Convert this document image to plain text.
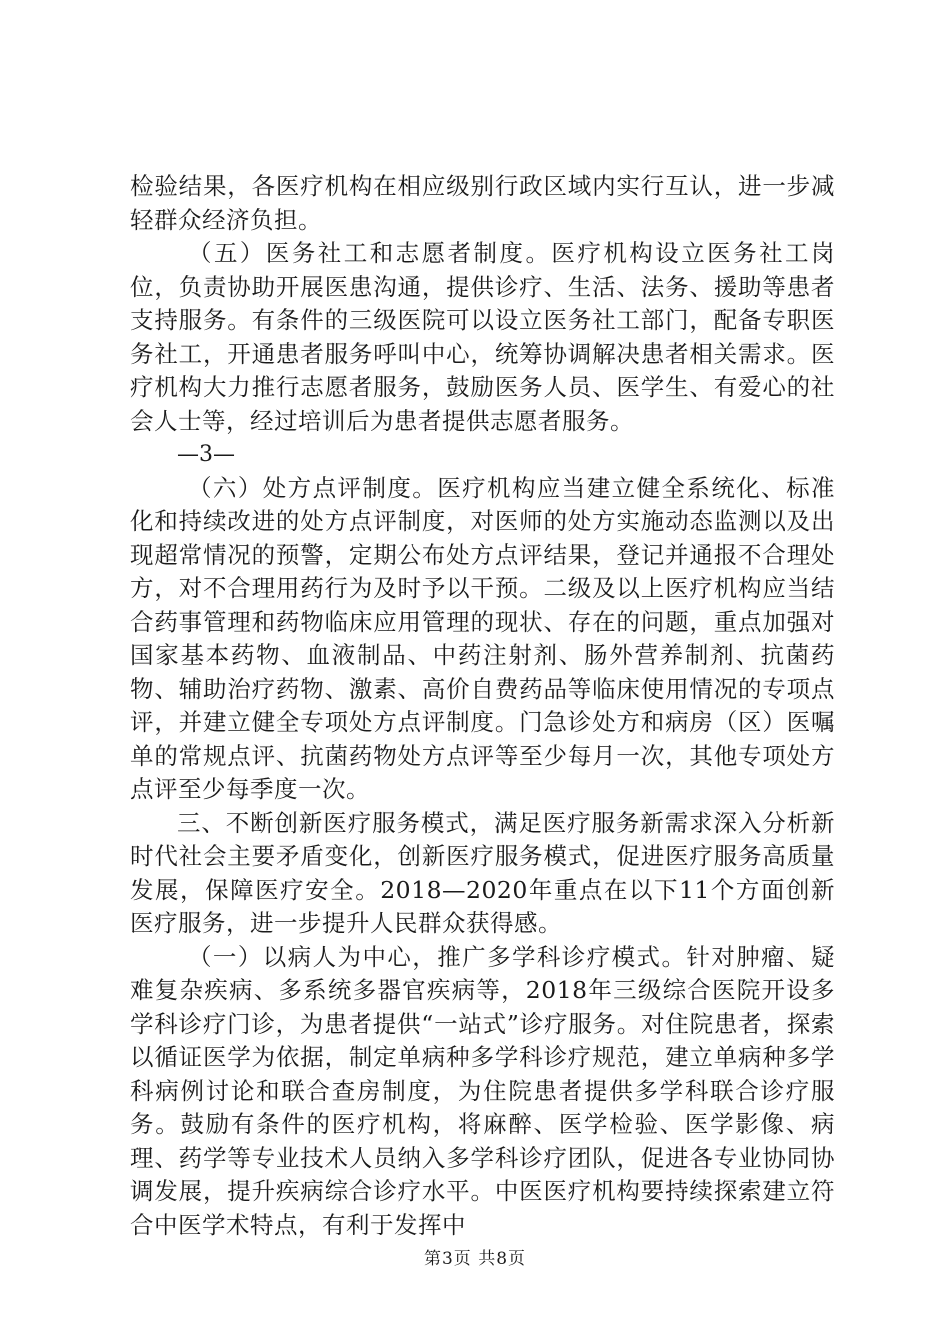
检验结果，各医疗机构在相应级别行政区域内实行互认，进一步减轻群众经济负担。

（五）医务社工和志愿者制度。医疗机构设立医务社工岗位，负责协助开展医患沟通，提供诊疗、生活、法务、援助等患者支持服务。有条件的三级医院可以设立医务社工部门，配备专职医务社工，开通患者服务呼叫中心，统筹协调解决患者相关需求。医疗机构大力推行志愿者服务，鼓励医务人员、医学生、有爱心的社会人士等，经过培训后为患者提供志愿者服务。

—3—

（六）处方点评制度。医疗机构应当建立健全系统化、标准化和持续改进的处方点评制度，对医师的处方实施动态监测以及出现超常情况的预警，定期公布处方点评结果，登记并通报不合理处方，对不合理用药行为及时予以干预。二级及以上医疗机构应当结合药事管理和药物临床应用管理的现状、存在的问题，重点加强对国家基本药物、血液制品、中药注射剂、肠外营养制剂、抗菌药物、辅助治疗药物、激素、高价自费药品等临床使用情况的专项点评，并建立健全专项处方点评制度。门急诊处方和病房（区）医嘱单的常规点评、抗菌药物处方点评等至少每月一次，其他专项处方点评至少每季度一次。

三、不断创新医疗服务模式，满足医疗服务新需求深入分析新时代社会主要矛盾变化，创新医疗服务模式，促进医疗服务高质量发展，保障医疗安全。2018—2020年重点在以下11个方面创新医疗服务，进一步提升人民群众获得感。

（一）以病人为中心，推广多学科诊疗模式。针对肿瘤、疑难复杂疾病、多系统多器官疾病等，2018年三级综合医院开设多学科诊疗门诊，为患者提供“一站式”诊疗服务。对住院患者，探索以循证医学为依据，制定单病种多学科诊疗规范，建立单病种多学科病例讨论和联合查房制度，为住院患者提供多学科联合诊疗服务。鼓励有条件的医疗机构，将麻醉、医学检验、医学影像、病理、药学等专业技术人员纳入多学科诊疗团队，促进各专业协同协调发展，提升疾病综合诊疗水平。中医医疗机构要持续探索建立符合中医学术特点，有利于发挥中

第3页 共8页
